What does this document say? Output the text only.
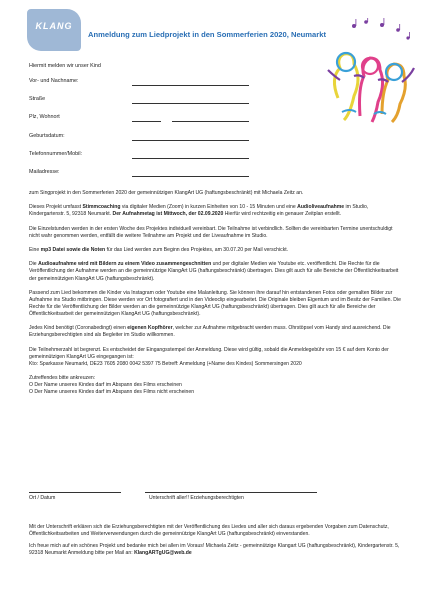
KLANG
Anmeldung zum Liedprojekt in den Sommerferien 2020, Neumarkt
Hiermit melden wir unser Kind
Vor- und Nachname:
Straße
Plz, Wohnort
Geburtsdatum:
Telefonnummer/Mobil:
Mailadresse:

zum Singprojekt in den Sommerferien 2020 der gemeinnützigen KlangArt UG (haftungsbeschränkt) mit Michaela Zeitz an.

Dieses Projekt umfasst Stimmcoaching via digitaler Medien (Zoom) in kurzen Einheiten von 10 - 15 Minuten und eine Audioliveaufnahme im Studio, Kindergartenstr. 5, 92318 Neumarkt. Der Aufnahmetag ist Mittwoch, der 02.09.2020 Hierfür wird rechtzeitig ein genauer Zeitplan erstellt.

Die Einzelstunden werden in der ersten Woche des Projektes individuell vereinbart. Die Teilnahme ist verbindlich. Sollten die vereinbarten Termine unentschuldigt nicht wahr genommen werden, entfällt die weitere Teilnahme am Projekt und der Liveaufnahme im Studio.

Eine mp3 Datei sowie die Noten für das Lied werden zum Beginn des Projektes, am 30.07.20 per Mail verschickt.

Die Audioaufnahme wird mit Bildern zu einem Video zusammengeschnitten und per digitaler Medien wie Youtube etc. veröffentlicht. Die Rechte für die Veröffentlichung der Aufnahme werden an die gemeinnützige KlangArt UG (haftungsbeschränkt) übertragen. Dies gilt auch für alle Bereiche der Öffentlichkeitsarbeit der gemeinnützigen KlangArt UG (haftungsbeschränkt).

Passend zum Lied bekommen die Kinder via Instagram oder Youtube eine Malanleitung. Sie können ihre darauf hin entstandenen Fotos oder gemalten Bilder zur Aufnahme ins Studio mitbringen. Diese werden vor Ort fotografiert und in den Videoclip eingearbeitet. Die Originale bleiben Eigentum und im Besitz der Familien. Die Rechte für die Veröffentlichung der Bilder werden an die gemeinnützige KlangArt UG (haftungsbeschränkt) übertragen. Dies gilt auch für alle Bereiche der Öffentlichkeitsarbeit der gemeinnützigen KlangArt UG (haftungsbeschränkt).

Jedes Kind benötigt (Coronabedingt) einen eigenen Kopfhörer, welcher zur Aufnahme mitgebracht werden muss. Ohrstöpsel vom Handy sind ausreichend. Die Erziehungsberechtigten sind als Begleiter im Studio willkommen.

Die Teilnehmerzahl ist begrenzt. Es entscheidet der Eingangsstempel der Anmeldung. Diese wird gültig, sobald die Anmeldegebühr von 15 € auf dem Konto der gemeinnützigen KlangArt UG eingegangen ist:
Kto: Sparkasse Neumarkt, DE23 7605 2080 0042 5397 75 Betreff: Anmeldung (+Name des Kindes) Sommersingen 2020

Zutreffendes bitte ankreuzen:
O Der Name unseres Kindes darf im Abspann des Films erscheinen
O Der Name unseres Kindes darf im Abspann des Films nicht erscheinen

Ort / Datum	Unterschrift aller!! Erziehungsberechtigten

Mit der Unterschrift erklären sich die Erziehungsberechtigten mit der Veröffentlichung des Liedes und aller sich daraus ergebenden Vorgaben zum Datenschutz, Öffentlichkeitsarbeiten und Weiterverwendungen durch die gemeinnützige KlangArt UG (haftungsbeschränkt) einverstanden.

Ich freue mich auf ein schönes Projekt und bedanke mich bei allen im Voraus! Michaela Zeitz - gemeinnützige Klangart UG (haftungsbeschränkt), Kindergartenstr. 5, 92318 Neumarkt Anmeldung bitte per Mail an: KlangARTgUG@web.de
